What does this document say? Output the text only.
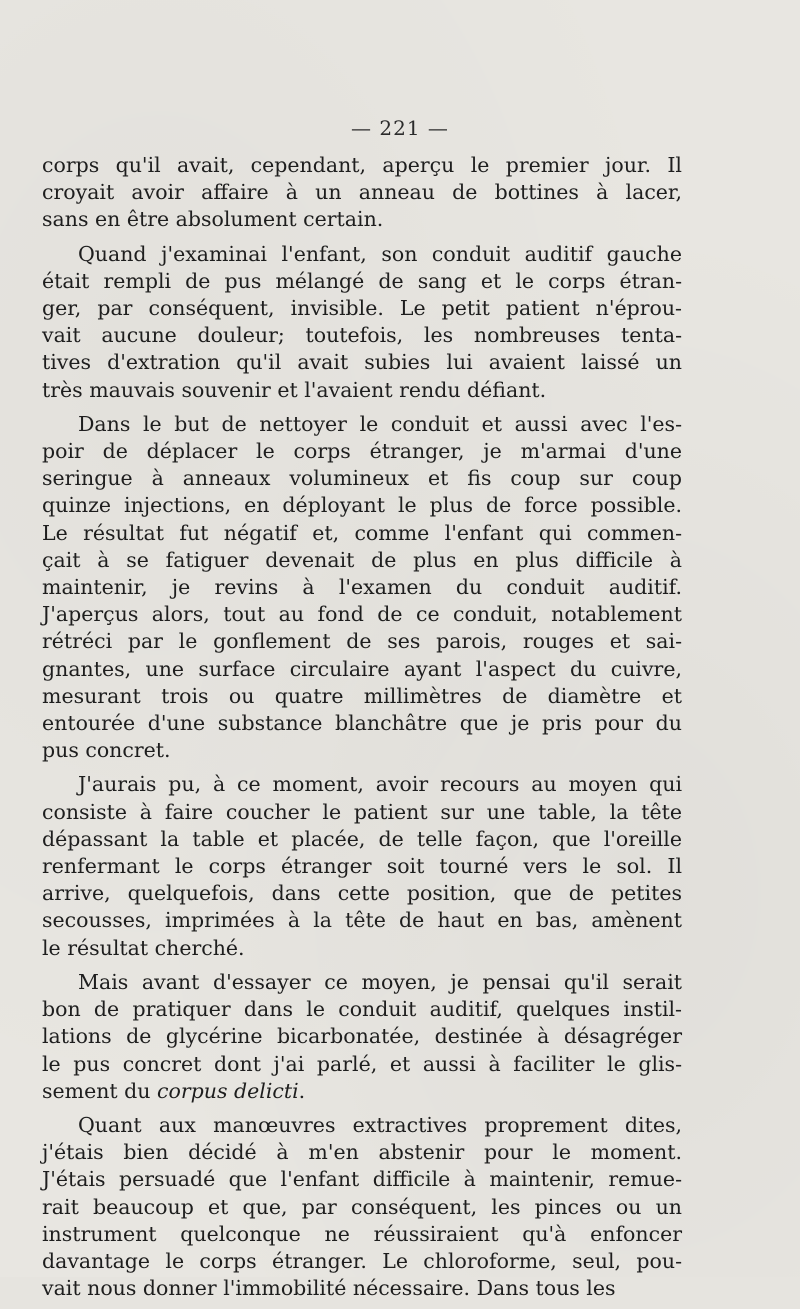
— 221 —
corps qu'il avait, cependant, aperçu le premier jour. Il
croyait avoir affaire à un anneau de bottines à lacer,
sans en être absolument certain.
Quand j'examinai l'enfant, son conduit auditif gauche
était rempli de pus mélangé de sang et le corps étran-
ger, par conséquent, invisible. Le petit patient n'éprou-
vait aucune douleur; toutefois, les nombreuses tenta-
tives d'extration qu'il avait subies lui avaient laissé un
très mauvais souvenir et l'avaient rendu défiant.
Dans le but de nettoyer le conduit et aussi avec l'es-
poir de déplacer le corps étranger, je m'armai d'une
seringue à anneaux volumineux et fis coup sur coup
quinze injections, en déployant le plus de force possible.
Le résultat fut négatif et, comme l'enfant qui commen-
çait à se fatiguer devenait de plus en plus difficile à
maintenir, je revins à l'examen du conduit auditif.
J'aperçus alors, tout au fond de ce conduit, notablement
rétréci par le gonflement de ses parois, rouges et sai-
gnantes, une surface circulaire ayant l'aspect du cuivre,
mesurant trois ou quatre millimètres de diamètre et
entourée d'une substance blanchâtre que je pris pour du
pus concret.
J'aurais pu, à ce moment, avoir recours au moyen qui
consiste à faire coucher le patient sur une table, la tête
dépassant la table et placée, de telle façon, que l'oreille
renfermant le corps étranger soit tourné vers le sol. Il
arrive, quelquefois, dans cette position, que de petites
secousses, imprimées à la tête de haut en bas, amènent
le résultat cherché.
Mais avant d'essayer ce moyen, je pensai qu'il serait
bon de pratiquer dans le conduit auditif, quelques instil-
lations de glycérine bicarbonatée, destinée à désagréger
le pus concret dont j'ai parlé, et aussi à faciliter le glis-
sement du corpus delicti.
Quant aux manœuvres extractives proprement dites,
j'étais bien décidé à m'en abstenir pour le moment.
J'étais persuadé que l'enfant difficile à maintenir, remue-
rait beaucoup et que, par conséquent, les pinces ou un
instrument quelconque ne réussiraient qu'à enfoncer
davantage le corps étranger. Le chloroforme, seul, pou-
vait nous donner l'immobilité nécessaire. Dans tous les
